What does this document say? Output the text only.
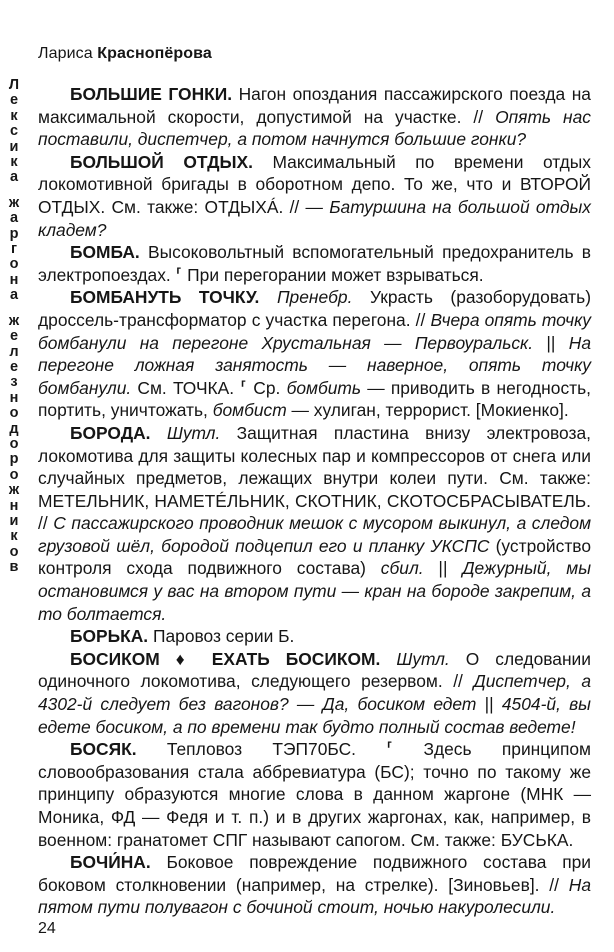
Лариса Краснопёрова
Л
е
к
с
и
к
а
ж
а
р
г
о
н
а
ж
е
л
е
з
н
о
д
о
р
о
ж
н
и
к
о
в

БОЛЬШИЕ ГОНКИ. Нагон опоздания пассажирского поезда на максимальной скорости, допустимой на участке. // Опять нас поставили, диспетчер, а потом начнутся большие гонки?

БОЛЬШОЙ ОТДЫХ. Максимальный по времени отдых локомотивной бригады в оборотном депо. То же, что и ВТОРОЙ ОТДЫХ. См. также: ОТДЫХÁ. // — Батуршина на большой отдых кладем?

БОМБА. Высоковольтный вспомогательный предохранитель в электропоездах. ⸢ При перегорании может взрываться.

БОМБАНУТЬ ТОЧКУ. Пренебр. Украсть (разоборудовать) дроссель-трансформатор с участка перегона. // Вчера опять точку бомбанули на перегоне Хрустальная — Первоуральск. || На перегоне ложная занятость — наверное, опять точку бомбанули. См. ТОЧКА. ⸢ Ср. бомбить — приводить в негодность, портить, уничтожать, бомбист — хулиган, террорист. [Мокиенко].

БОРОДА. Шутл. Защитная пластина внизу электровоза, локомотива для защиты колесных пар и компрессоров от снега или случайных предметов, лежащих внутри колеи пути. См. также: МЕТЕЛЬНИК, НАМЕТÉЛЬНИК, СКОТНИК, СКОТОСБРАСЫВАТЕЛЬ. // С пассажирского проводник мешок с мусором выкинул, а следом грузовой шёл, бородой подцепил его и планку УКСПС (устройство контроля схода подвижного состава) сбил. || Дежурный, мы остановимся у вас на втором пути — кран на бороде закрепим, а то болтается.

БОРЬКА. Паровоз серии Б.

БОСИКОМ ♦ ЕХАТЬ БОСИКОМ. Шутл. О следовании одиночного локомотива, следующего резервом. // Диспетчер, а 4302-й следует без вагонов? — Да, босиком едет || 4504-й, вы едете босиком, а по времени так будто полный состав ведете!

БОСЯК. Тепловоз ТЭП70БС. ⸢ Здесь принципом словообразования стала аббревиатура (БС); точно по такому же принципу образуются многие слова в данном жаргоне (МНК — Моника, ФД — Федя и т. п.) и в других жаргонах, как, например, в военном: гранатомет СПГ называют сапогом. См. также: БУСЬКА.

БОЧИ́НА. Боковое повреждение подвижного состава при боковом столкновении (например, на стрелке). [Зиновьев]. // На пятом пути полувагон с бочиной стоит, ночью накуролесили.

24
